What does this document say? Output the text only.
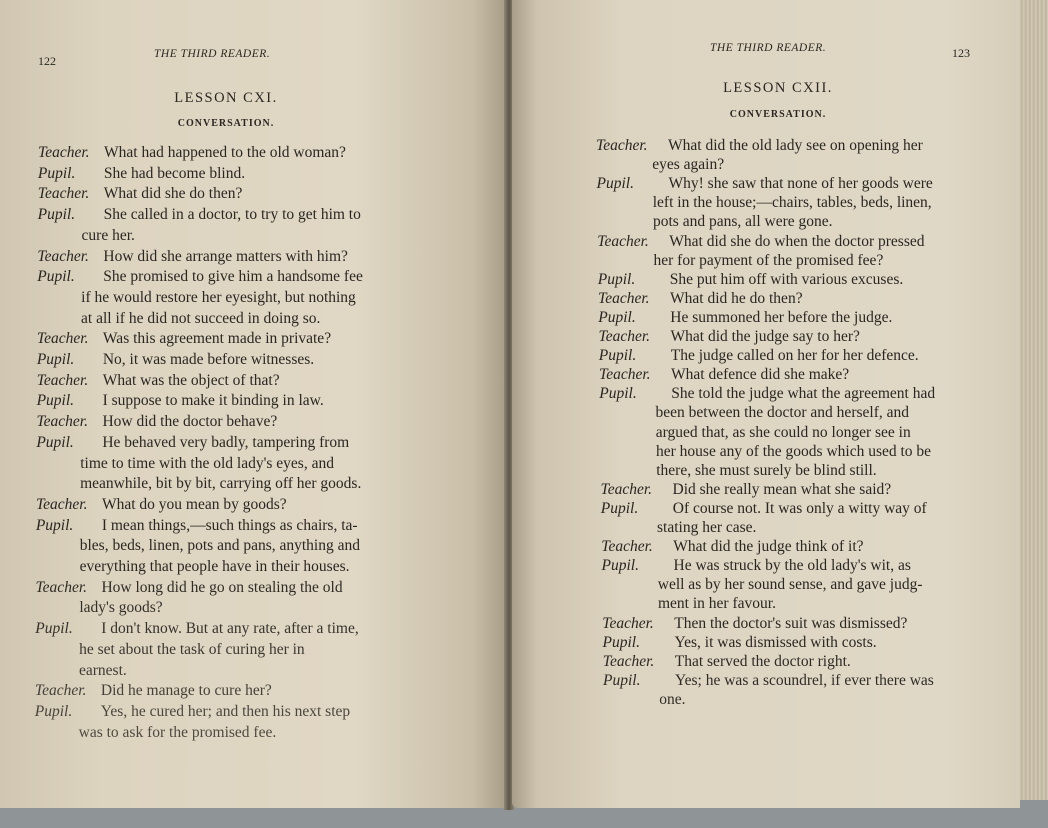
122	THE THIRD READER.
LESSON CXI.
CONVERSATION.
Teacher. What had happened to the old woman?
Pupil.	She had become blind.
Teacher. What did she do then?
Pupil.	She called in a doctor, to try to get him to
cure her.
Teacher. How did she arrange matters with him?
Pupil.	She promised to give him a handsome fee
if he would restore her eyesight, but nothing
at all if he did not succeed in doing so.
Teacher. Was this agreement made in private?
Pupil.	No, it was made before witnesses.
Teacher. What was the object of that?
Pupil.	I suppose to make it binding in law.
Teacher. How did the doctor behave?
Pupil.	He behaved very badly, tampering from
time to time with the old lady's eyes, and
meanwhile, bit by bit, carrying off her goods.
Teacher. What do you mean by goods?
Pupil.	I mean things,—such things as chairs, ta-
bles, beds, linen, pots and pans, anything and
everything that people have in their houses.
Teacher. How long did he go on stealing the old
lady's goods?
Pupil.	I don't know. But at any rate, after a time,
he set about the task of curing her in
earnest.
Teacher. Did he manage to cure her?
Pupil.	Yes, he cured her; and then his next step
was to ask for the promised fee.
THE THIRD READER.	123
LESSON CXII.
CONVERSATION.
Teacher.	What did the old lady see on opening her
eyes again?
Pupil.	Why! she saw that none of her goods were
left in the house;—chairs, tables, beds, linen,
pots and pans, all were gone.
Teacher.	What did she do when the doctor pressed
her for payment of the promised fee?
Pupil.	She put him off with various excuses.
Teacher.	What did he do then?
Pupil.	He summoned her before the judge.
Teacher.	What did the judge say to her?
Pupil.	The judge called on her for her defence.
Teacher.	What defence did she make?
Pupil.	She told the judge what the agreement had
been between the doctor and herself, and
argued that, as she could no longer see in
her house any of the goods which used to be
there, she must surely be blind still.
Teacher.	Did she really mean what she said?
Pupil.	Of course not. It was only a witty way of
stating her case.
Teacher.	What did the judge think of it?
Pupil.	He was struck by the old lady's wit, as
well as by her sound sense, and gave judg-
ment in her favour.
Teacher.	Then the doctor's suit was dismissed?
Pupil.	Yes, it was dismissed with costs.
Teacher.	That served the doctor right.
Pupil.	Yes; he was a scoundrel, if ever there was
one.
